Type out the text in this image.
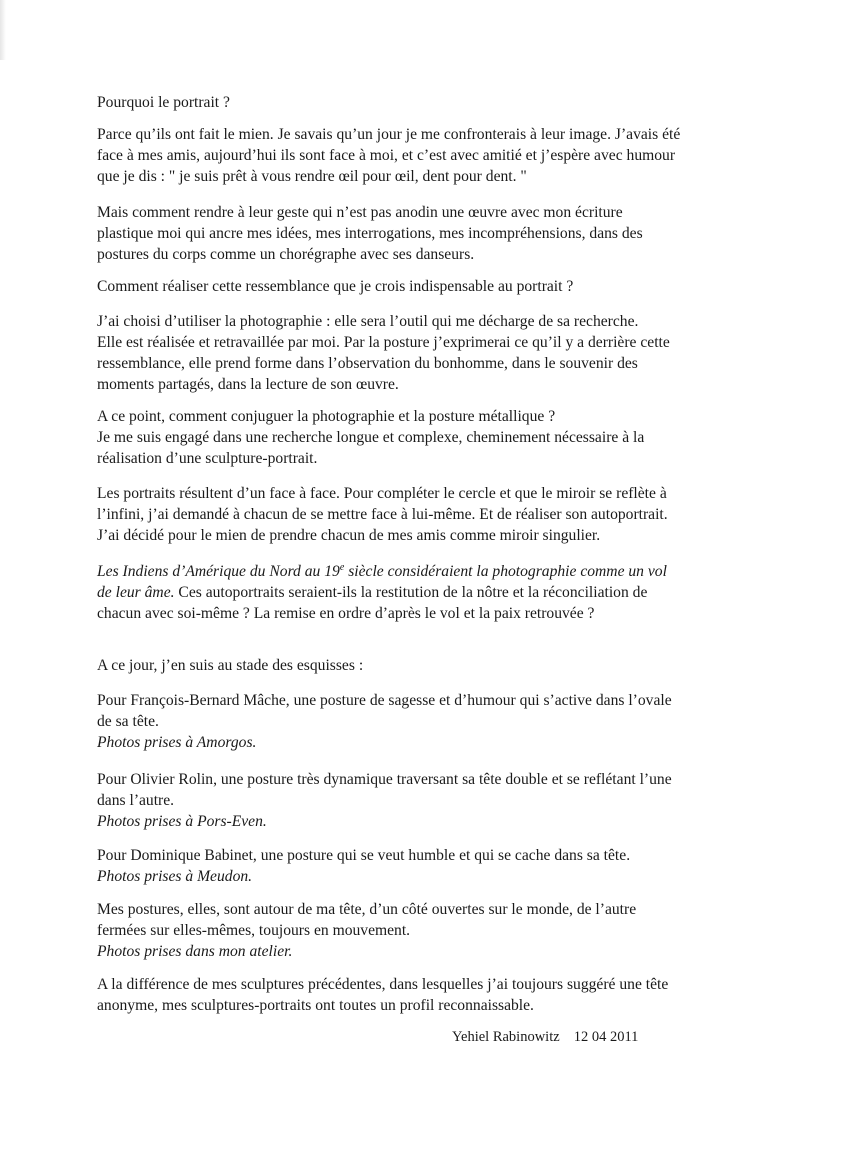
Pourquoi le portrait ?

Parce qu’ils ont fait le mien. Je savais qu’un jour je me confronterais à leur image. J’avais été

face à mes amis, aujourd’hui ils sont face à moi, et c’est avec amitié et j’espère avec humour

que je dis : " je suis prêt à vous rendre œil pour œil, dent pour dent. "

Mais comment rendre à leur geste qui n’est pas anodin une œuvre avec mon écriture

plastique moi qui ancre mes idées, mes interrogations, mes incompréhensions, dans des

postures du corps comme un chorégraphe avec ses danseurs.

Comment réaliser cette ressemblance que je crois indispensable au portrait ?

J’ai choisi d’utiliser la photographie : elle sera l’outil qui me décharge de sa recherche.

Elle est réalisée et retravaillée par moi. Par la posture j’exprimerai ce qu’il y a derrière cette

ressemblance, elle prend forme dans l’observation du bonhomme, dans le souvenir des

moments partagés, dans la lecture de son œuvre.

A ce point, comment conjuguer la photographie et la posture métallique ?

Je me suis engagé dans une recherche longue et complexe, cheminement nécessaire à la

réalisation d’une sculpture-portrait.

Les portraits résultent d’un face à face. Pour compléter le cercle et que le miroir se reflète à

l’infini, j’ai demandé à chacun de se mettre face à lui-même. Et de réaliser son autoportrait.

J’ai décidé pour le mien de prendre chacun de mes amis comme miroir singulier.

Les Indiens d’Amérique du Nord au 19e siècle considéraient la photographie comme un vol

de leur âme. Ces autoportraits seraient-ils la restitution de la nôtre et la réconciliation de

chacun avec soi-même ? La remise en ordre d’après le vol et la paix retrouvée ?

A ce jour, j’en suis au stade des esquisses :

Pour François-Bernard Mâche, une posture de sagesse et d’humour qui s’active dans l’ovale

de sa tête.

Photos prises à Amorgos.

Pour Olivier Rolin, une posture très dynamique traversant sa tête double et se reflétant l’une

dans l’autre.

Photos prises à Pors-Even.

Pour Dominique Babinet, une posture qui se veut humble et qui se cache dans sa tête.

Photos prises à Meudon.

Mes postures, elles, sont autour de ma tête, d’un côté ouvertes sur le monde, de l’autre

fermées sur elles-mêmes, toujours en mouvement.

Photos prises dans mon atelier.

A la différence de mes sculptures précédentes, dans lesquelles j’ai toujours suggéré une tête

anonyme, mes sculptures-portraits ont toutes un profil reconnaissable.

Yehiel Rabinowitz 12 04 2011
